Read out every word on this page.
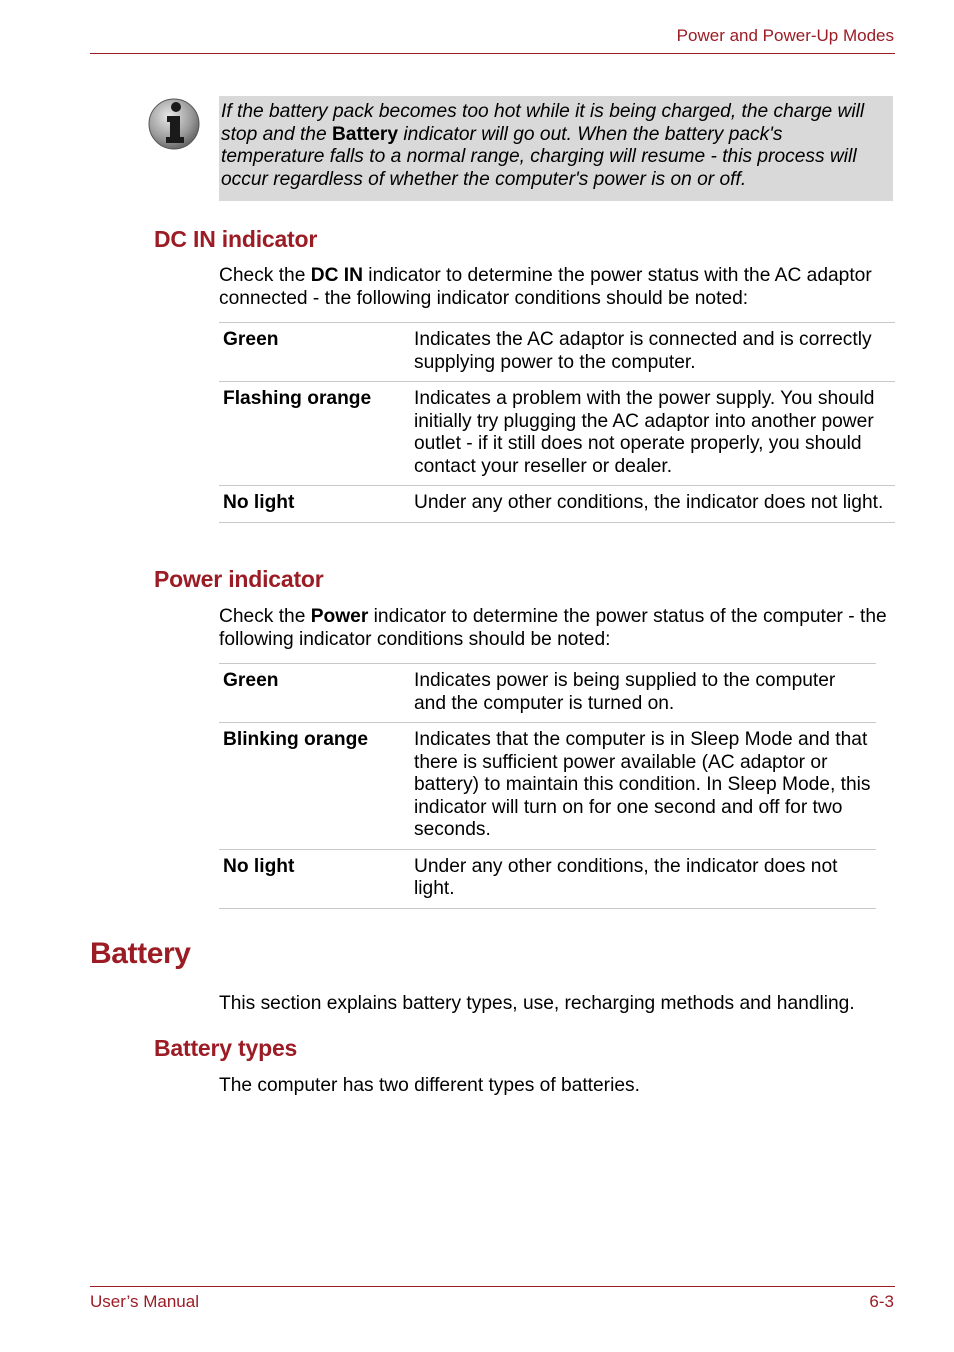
Power and Power-Up Modes
If the battery pack becomes too hot while it is being charged, the charge will stop and the Battery indicator will go out. When the battery pack's temperature falls to a normal range, charging will resume - this process will occur regardless of whether the computer's power is on or off.
DC IN indicator
Check the DC IN indicator to determine the power status with the AC adaptor connected - the following indicator conditions should be noted:
Green	Indicates the AC adaptor is connected and is correctly supplying power to the computer.
Flashing orange	Indicates a problem with the power supply. You should initially try plugging the AC adaptor into another power outlet - if it still does not operate properly, you should contact your reseller or dealer.
No light	Under any other conditions, the indicator does not light.
Power indicator
Check the Power indicator to determine the power status of the computer - the following indicator conditions should be noted:
Green	Indicates power is being supplied to the computer and the computer is turned on.
Blinking orange	Indicates that the computer is in Sleep Mode and that there is sufficient power available (AC adaptor or battery) to maintain this condition. In Sleep Mode, this indicator will turn on for one second and off for two seconds.
No light	Under any other conditions, the indicator does not light.
Battery
This section explains battery types, use, recharging methods and handling.
Battery types
The computer has two different types of batteries.
User’s Manual	6-3
